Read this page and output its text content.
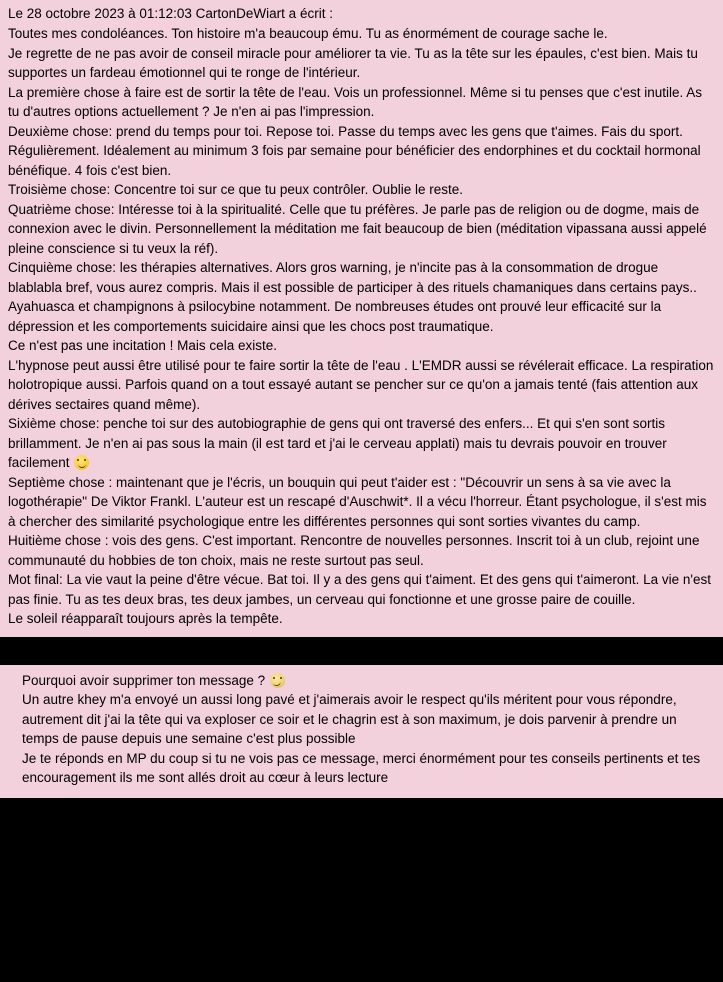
Le 28 octobre 2023 à 01:12:03 CartonDeWiart a écrit :

Toutes mes condoléances. Ton histoire m'a beaucoup ému. Tu as énormément de courage sache le.

Je regrette de ne pas avoir de conseil miracle pour améliorer ta vie. Tu as la tête sur les épaules, c'est bien. Mais tu supportes un fardeau émotionnel qui te ronge de l'intérieur.

La première chose à faire est de sortir la tête de l'eau. Vois un professionnel. Même si tu penses que c'est inutile. As tu d'autres options actuellement ? Je n'en ai pas l'impression.

Deuxième chose: prend du temps pour toi. Repose toi. Passe du temps avec les gens que t'aimes. Fais du sport. Régulièrement. Idéalement au minimum 3 fois par semaine pour bénéficier des endorphines et du cocktail hormonal bénéfique. 4 fois c'est bien.

Troisième chose: Concentre toi sur ce que tu peux contrôler. Oublie le reste.

Quatrième chose: Intéresse toi à la spiritualité. Celle que tu préfères. Je parle pas de religion ou de dogme, mais de connexion avec le divin. Personnellement la méditation me fait beaucoup de bien (méditation vipassana aussi appelé pleine conscience si tu veux la réf).

Cinquième chose: les thérapies alternatives. Alors gros warning, je n'incite pas à la consommation de drogue blablabla bref, vous aurez compris. Mais il est possible de participer à des rituels chamaniques dans certains pays.. Ayahuasca et champignons à psilocybine notamment. De nombreuses études ont prouvé leur efficacité sur la dépression et les comportements suicidaire ainsi que les chocs post traumatique.

Ce n'est pas une incitation ! Mais cela existe.

L'hypnose peut aussi être utilisé pour te faire sortir la tête de l'eau . L'EMDR aussi se révélerait efficace. La respiration holotropique aussi. Parfois quand on a tout essayé autant se pencher sur ce qu'on a jamais tenté (fais attention aux dérives sectaires quand même).

Sixième chose: penche toi sur des autobiographie de gens qui ont traversé des enfers... Et qui s'en sont sortis brillamment. Je n'en ai pas sous la main (il est tard et j'ai le cerveau applati) mais tu devrais pouvoir en trouver facilement

Septième chose : maintenant que je l'écris, un bouquin qui peut t'aider est : "Découvrir un sens à sa vie avec la logothérapie" De Viktor Frankl. L'auteur est un rescapé d'Auschwit*. Il a vécu l'horreur. Étant psychologue, il s'est mis à chercher des similarité psychologique entre les différentes personnes qui sont sorties vivantes du camp.

Huitième chose : vois des gens. C'est important. Rencontre de nouvelles personnes. Inscrit toi à un club, rejoint une communauté du hobbies de ton choix, mais ne reste surtout pas seul.

Mot final: La vie vaut la peine d'être vécue. Bat toi. Il y a des gens qui t'aiment. Et des gens qui t'aimeront. La vie n'est pas finie. Tu as tes deux bras, tes deux jambes, un cerveau qui fonctionne et une grosse paire de couille.

Le soleil réapparaît toujours après la tempête.

Pourquoi avoir supprimer ton message ?

Un autre khey m'a envoyé un aussi long pavé et j'aimerais avoir le respect qu'ils méritent pour vous répondre, autrement dit j'ai la tête qui va exploser ce soir et le chagrin est à son maximum, je dois parvenir à prendre un temps de pause depuis une semaine c'est plus possible

Je te réponds en MP du coup si tu ne vois pas ce message, merci énormément pour tes conseils pertinents et tes encouragement ils me sont allés droit au cœur à leurs lecture
